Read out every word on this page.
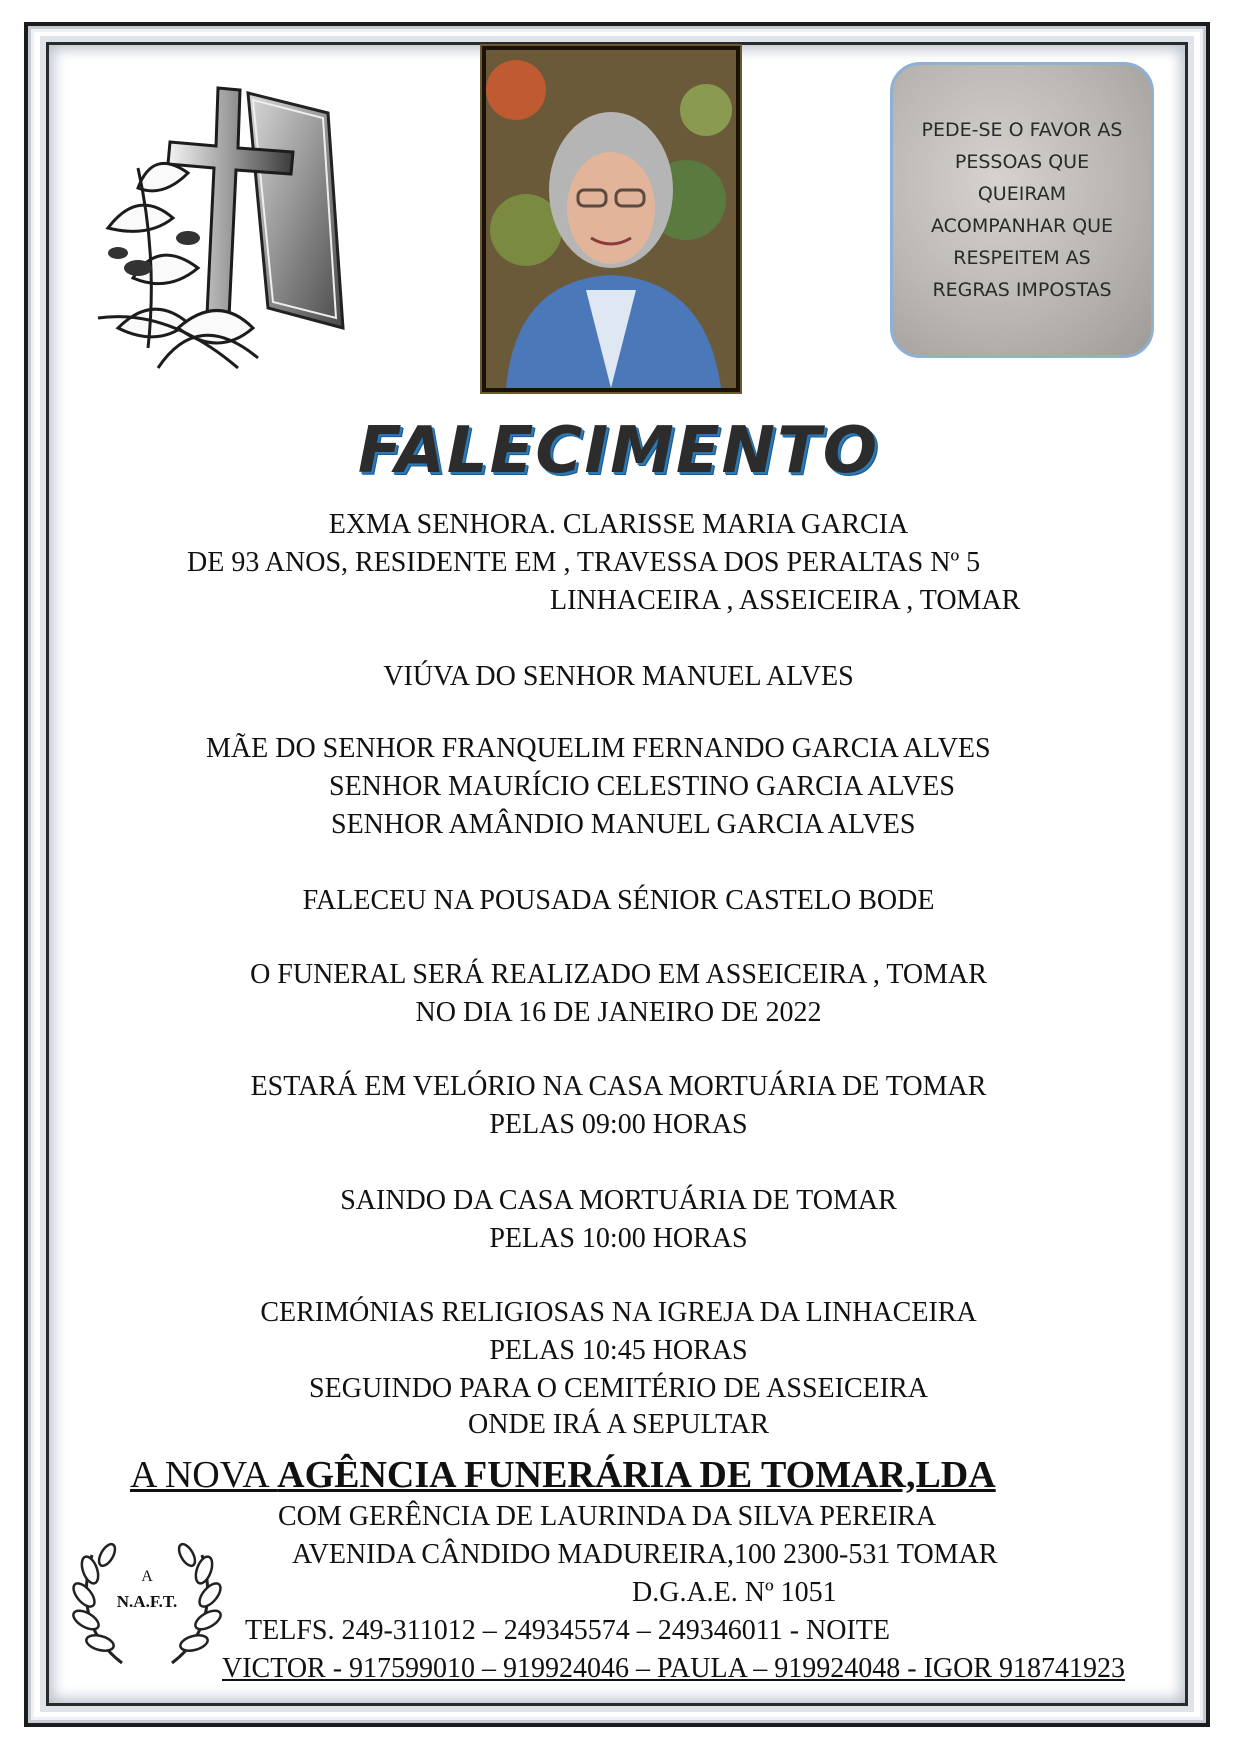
PEDE-SE O FAVOR AS
PESSOAS QUE
QUEIRAM
ACOMPANHAR QUE
RESPEITEM AS
REGRAS IMPOSTAS
FALECIMENTO
EXMA SENHORA. CLARISSE MARIA GARCIA
DE 93 ANOS, RESIDENTE EM , TRAVESSA DOS PERALTAS Nº 5
LINHACEIRA , ASSEICEIRA , TOMAR
VIÚVA DO SENHOR MANUEL ALVES
MÃE DO SENHOR FRANQUELIM FERNANDO GARCIA ALVES
SENHOR MAURÍCIO CELESTINO GARCIA ALVES
SENHOR AMÂNDIO MANUEL GARCIA ALVES
FALECEU NA POUSADA SÉNIOR CASTELO BODE
O FUNERAL SERÁ REALIZADO EM ASSEICEIRA , TOMAR
NO DIA 16 DE JANEIRO DE 2022
ESTARÁ EM VELÓRIO NA CASA MORTUÁRIA DE TOMAR
PELAS 09:00 HORAS
SAINDO DA CASA MORTUÁRIA DE TOMAR
PELAS 10:00 HORAS
CERIMÓNIAS RELIGIOSAS NA IGREJA DA LINHACEIRA
PELAS 10:45 HORAS
SEGUINDO PARA O CEMITÉRIO DE ASSEICEIRA
ONDE IRÁ A SEPULTAR
A NOVA AGÊNCIA FUNERÁRIA DE TOMAR,LDA
COM GERÊNCIA DE LAURINDA DA SILVA PEREIRA
AVENIDA CÂNDIDO MADUREIRA,100 2300-531 TOMAR
D.G.A.E. Nº 1051
TELFS. 249-311012 – 249345574 – 249346011 - NOITE
VICTOR - 917599010 – 919924046 – PAULA – 919924048 - IGOR 918741923
A
N.A.F.T.
